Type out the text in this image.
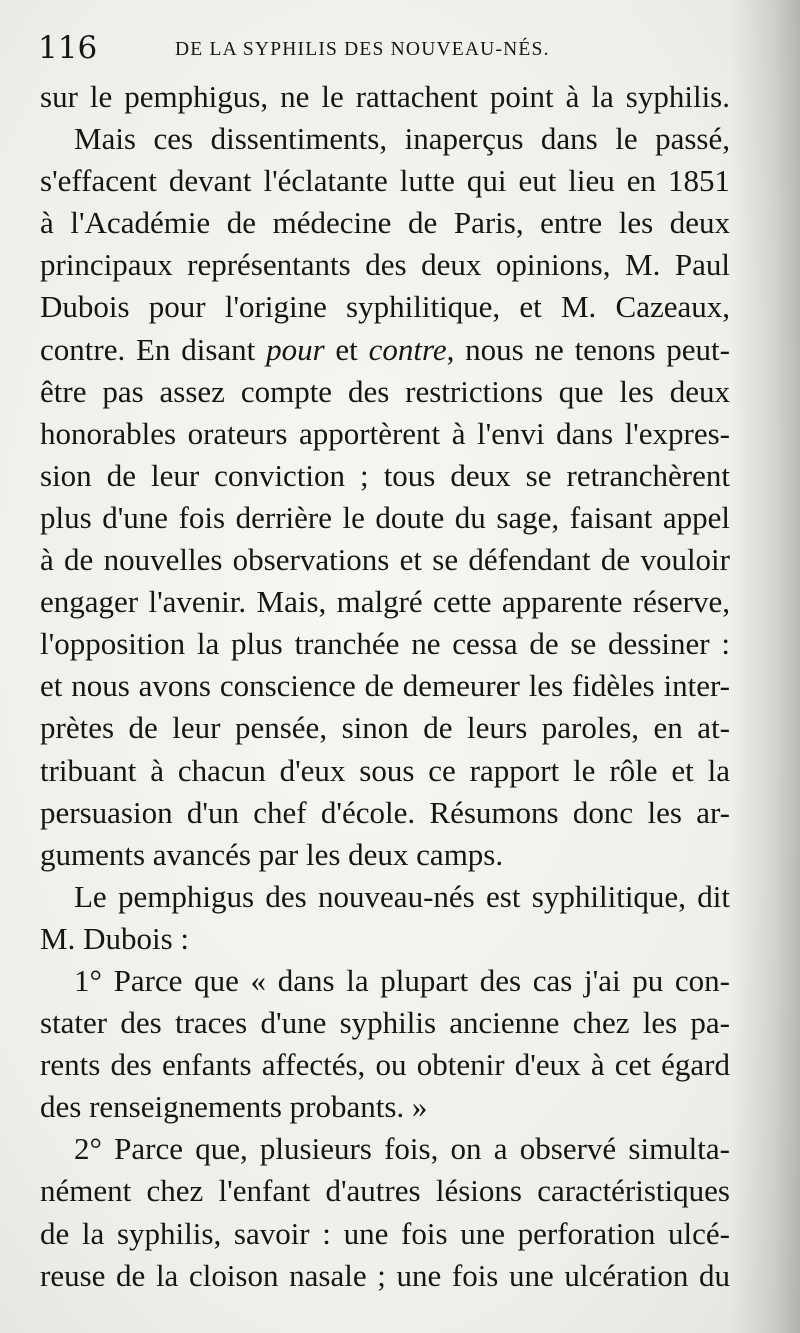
116	DE LA SYPHILIS DES NOUVEAU-NÉS.
sur le pemphigus, ne le rattachent point à la syphilis.
Mais ces dissentiments, inaperçus dans le passé,
s'effacent devant l'éclatante lutte qui eut lieu en 1851
à l'Académie de médecine de Paris, entre les deux
principaux représentants des deux opinions, M. Paul
Dubois pour l'origine syphilitique, et M. Cazeaux,
contre. En disant pour et contre, nous ne tenons peut-
être pas assez compte des restrictions que les deux
honorables orateurs apportèrent à l'envi dans l'expres-
sion de leur conviction ; tous deux se retranchèrent
plus d'une fois derrière le doute du sage, faisant appel
à de nouvelles observations et se défendant de vouloir
engager l'avenir. Mais, malgré cette apparente réserve,
l'opposition la plus tranchée ne cessa de se dessiner :
et nous avons conscience de demeurer les fidèles inter-
prètes de leur pensée, sinon de leurs paroles, en at-
tribuant à chacun d'eux sous ce rapport le rôle et la
persuasion d'un chef d'école. Résumons donc les ar-
guments avancés par les deux camps.
Le pemphigus des nouveau-nés est syphilitique, dit
M. Dubois :
1° Parce que « dans la plupart des cas j'ai pu con-
stater des traces d'une syphilis ancienne chez les pa-
rents des enfants affectés, ou obtenir d'eux à cet égard
des renseignements probants. »
2° Parce que, plusieurs fois, on a observé simulta-
nément chez l'enfant d'autres lésions caractéristiques
de la syphilis, savoir : une fois une perforation ulcé-
reuse de la cloison nasale ; une fois une ulcération du
